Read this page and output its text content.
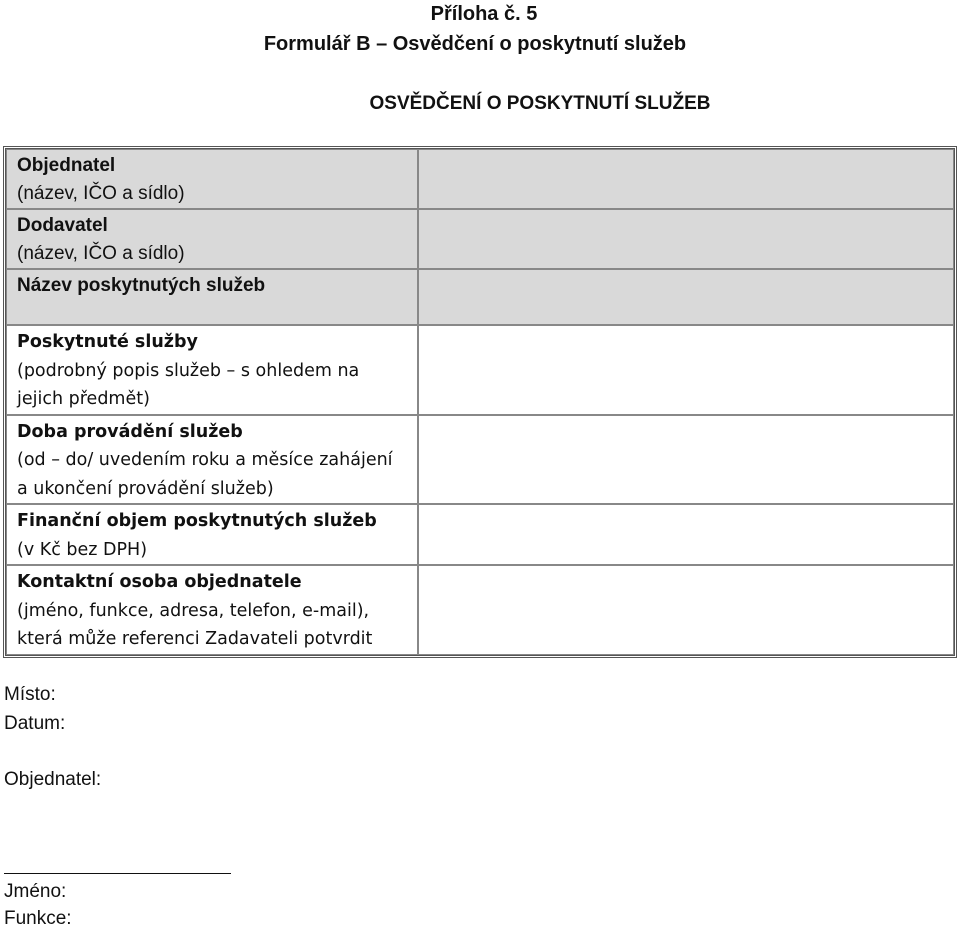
Příloha č. 5
Formulář B – Osvědčení o poskytnutí služeb
OSVĚDČENÍ O POSKYTNUTÍ SLUŽEB
Objednatel
(název, IČO a sídlo)	

Dodavatel
(název, IČO a sídlo)	

Název poskytnutých služeb	

Poskytnuté služby
(podrobný popis služeb – s ohledem na jejich předmět)	

Doba provádění služeb
(od – do/ uvedením roku a měsíce zahájení a ukončení provádění služeb)	

Finanční objem poskytnutých služeb
(v Kč bez DPH)	

Kontaktní osoba objednatele
(jméno, funkce, adresa, telefon, e-mail), která může referenci Zadavateli potvrdit	

Místo:
Datum:
Objednatel:
Jméno:
Funkce:
